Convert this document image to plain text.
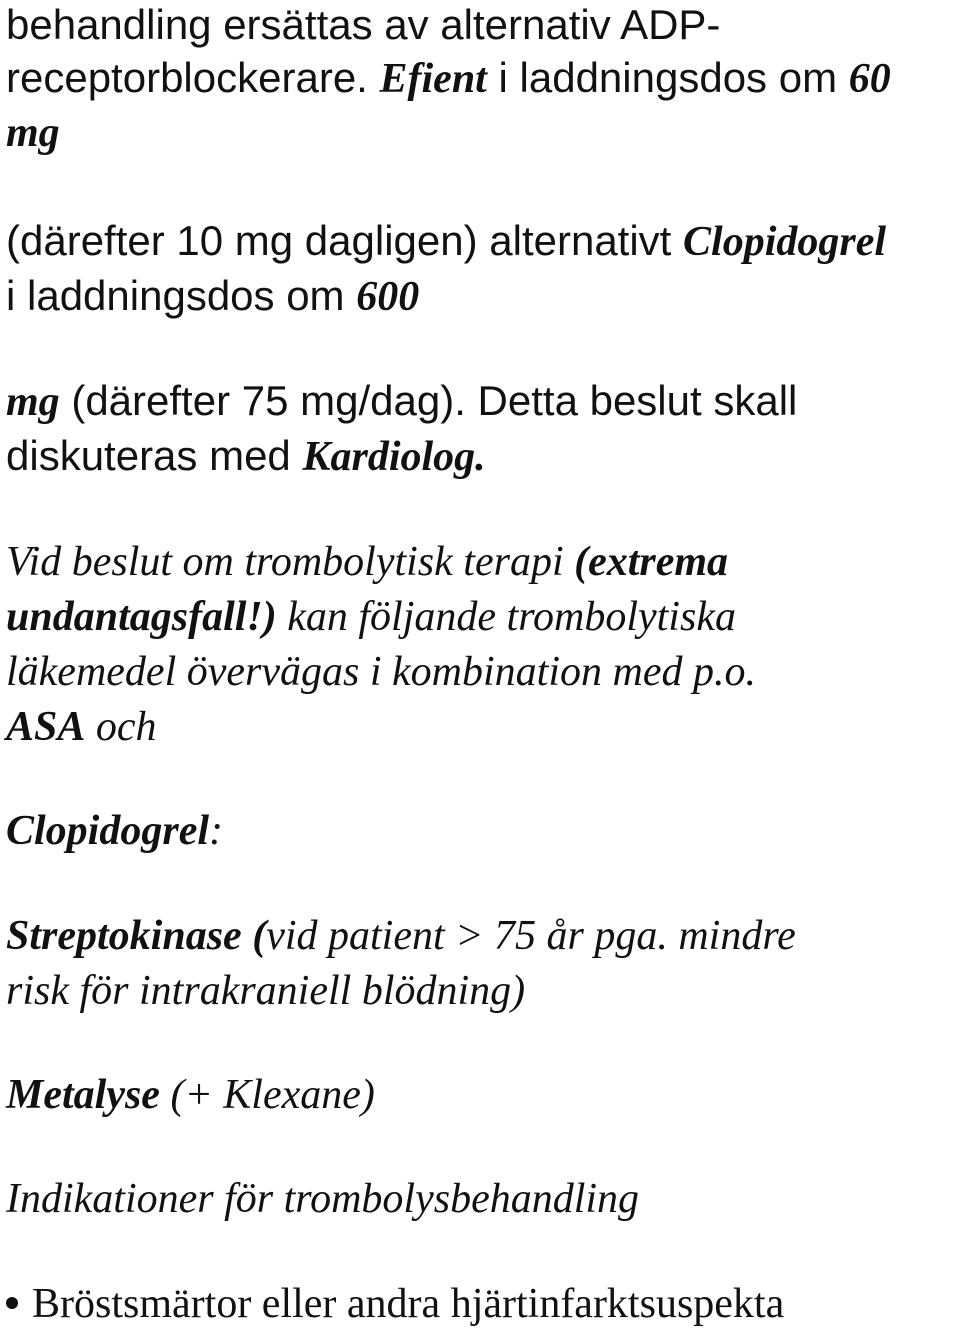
behandling ersättas av alternativ ADP-
receptorblockerare. Efient i laddningsdos om 60
mg
(därefter 10 mg dagligen) alternativt Clopidogrel
i laddningsdos om 600
mg (därefter 75 mg/dag). Detta beslut skall
diskuteras med Kardiolog.
Vid beslut om trombolytisk terapi (extrema
undantagsfall!) kan följande trombolytiska
läkemedel övervägas i kombination med p.o.
ASA och
Clopidogrel:
Streptokinase (vid patient > 75 år pga. mindre
risk för intrakraniell blödning)
Metalyse (+ Klexane)
Indikationer för trombolysbehandling
Bröstsmärtor eller andra hjärtinfarktsuspekta
